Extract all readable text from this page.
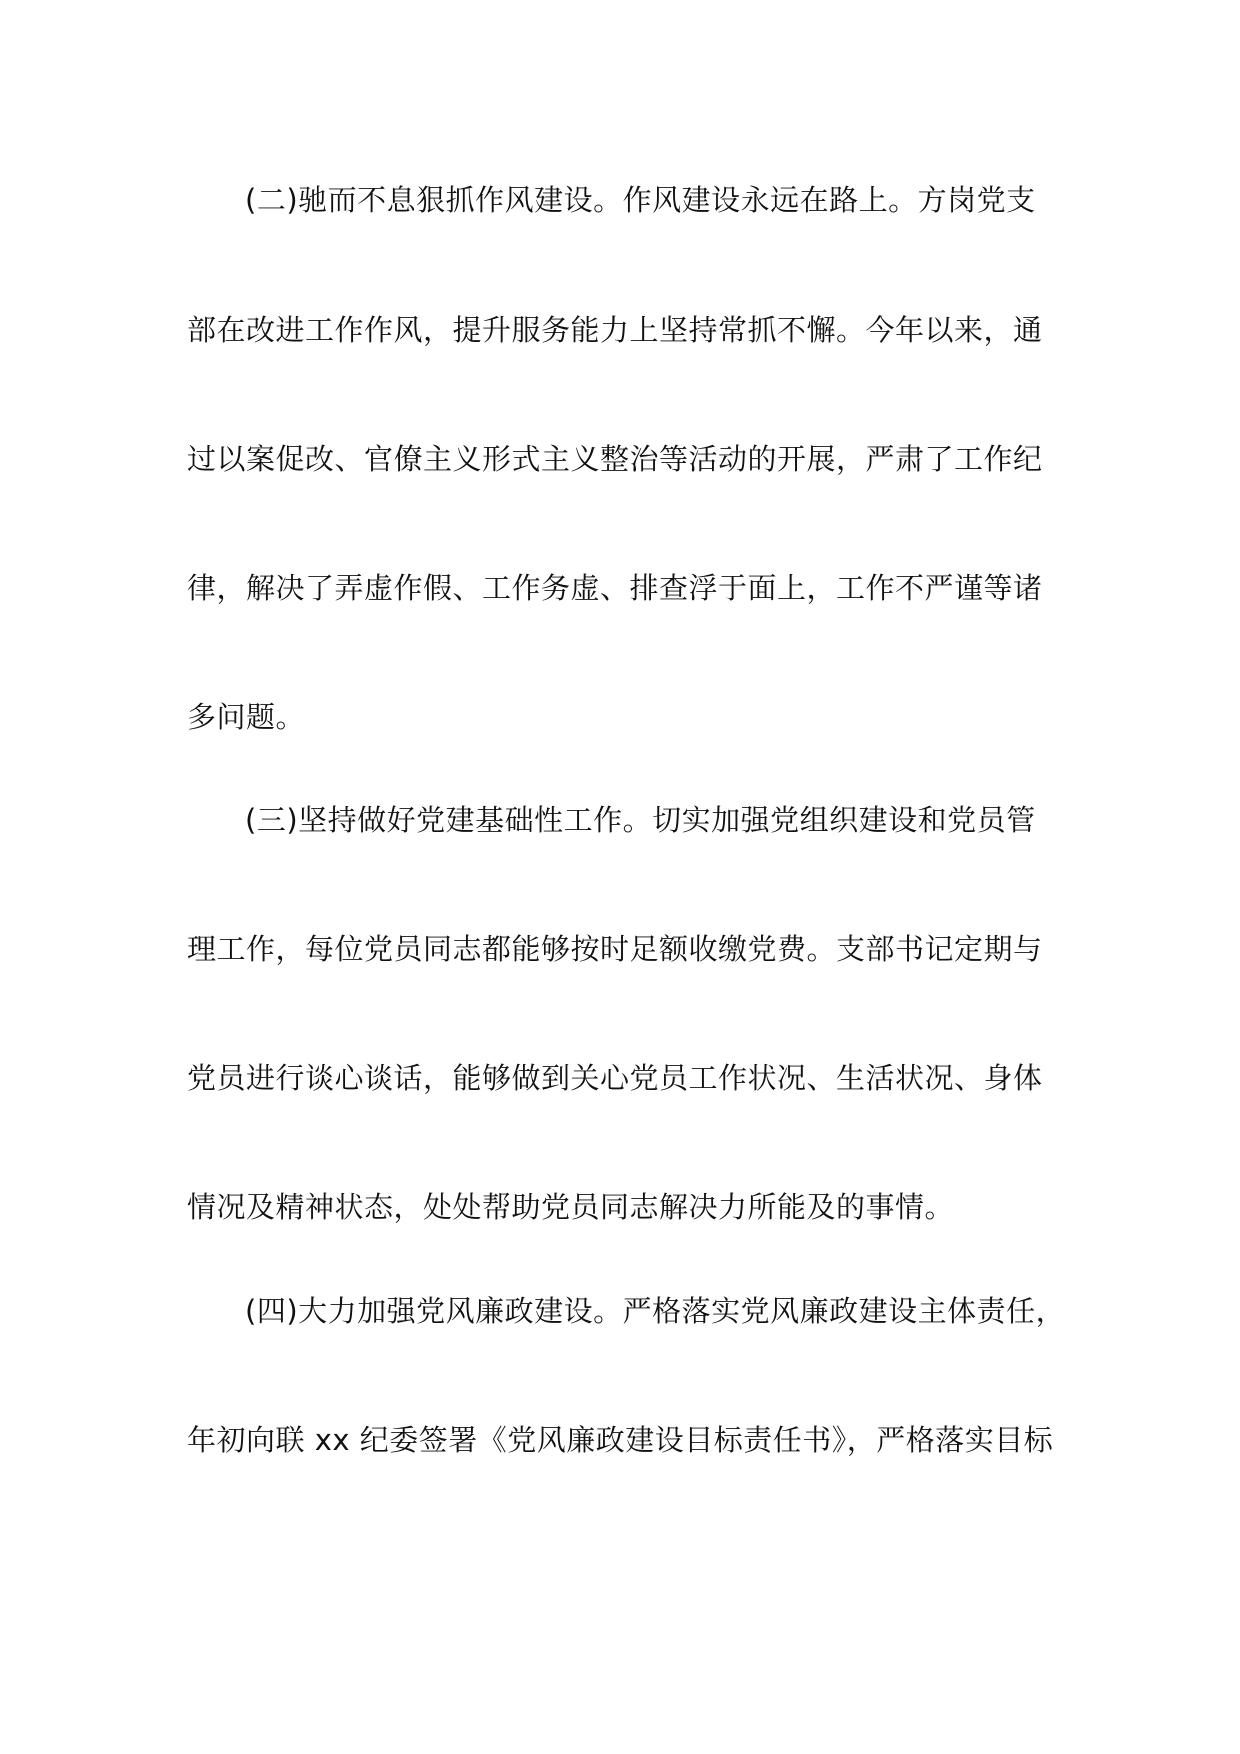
(二)驰而不息狠抓作风建设。作风建设永远在路上。方岗党支
部在改进工作作风，提升服务能力上坚持常抓不懈。今年以来，通
过以案促改、官僚主义形式主义整治等活动的开展，严肃了工作纪
律，解决了弄虚作假、工作务虚、排查浮于面上，工作不严谨等诸
多问题。
(三)坚持做好党建基础性工作。切实加强党组织建设和党员管
理工作，每位党员同志都能够按时足额收缴党费。支部书记定期与
党员进行谈心谈话，能够做到关心党员工作状况、生活状况、身体
情况及精神状态，处处帮助党员同志解决力所能及的事情。
(四)大力加强党风廉政建设。严格落实党风廉政建设主体责任，
年初向联 xx 纪委签署《党风廉政建设目标责任书》，严格落实目标
